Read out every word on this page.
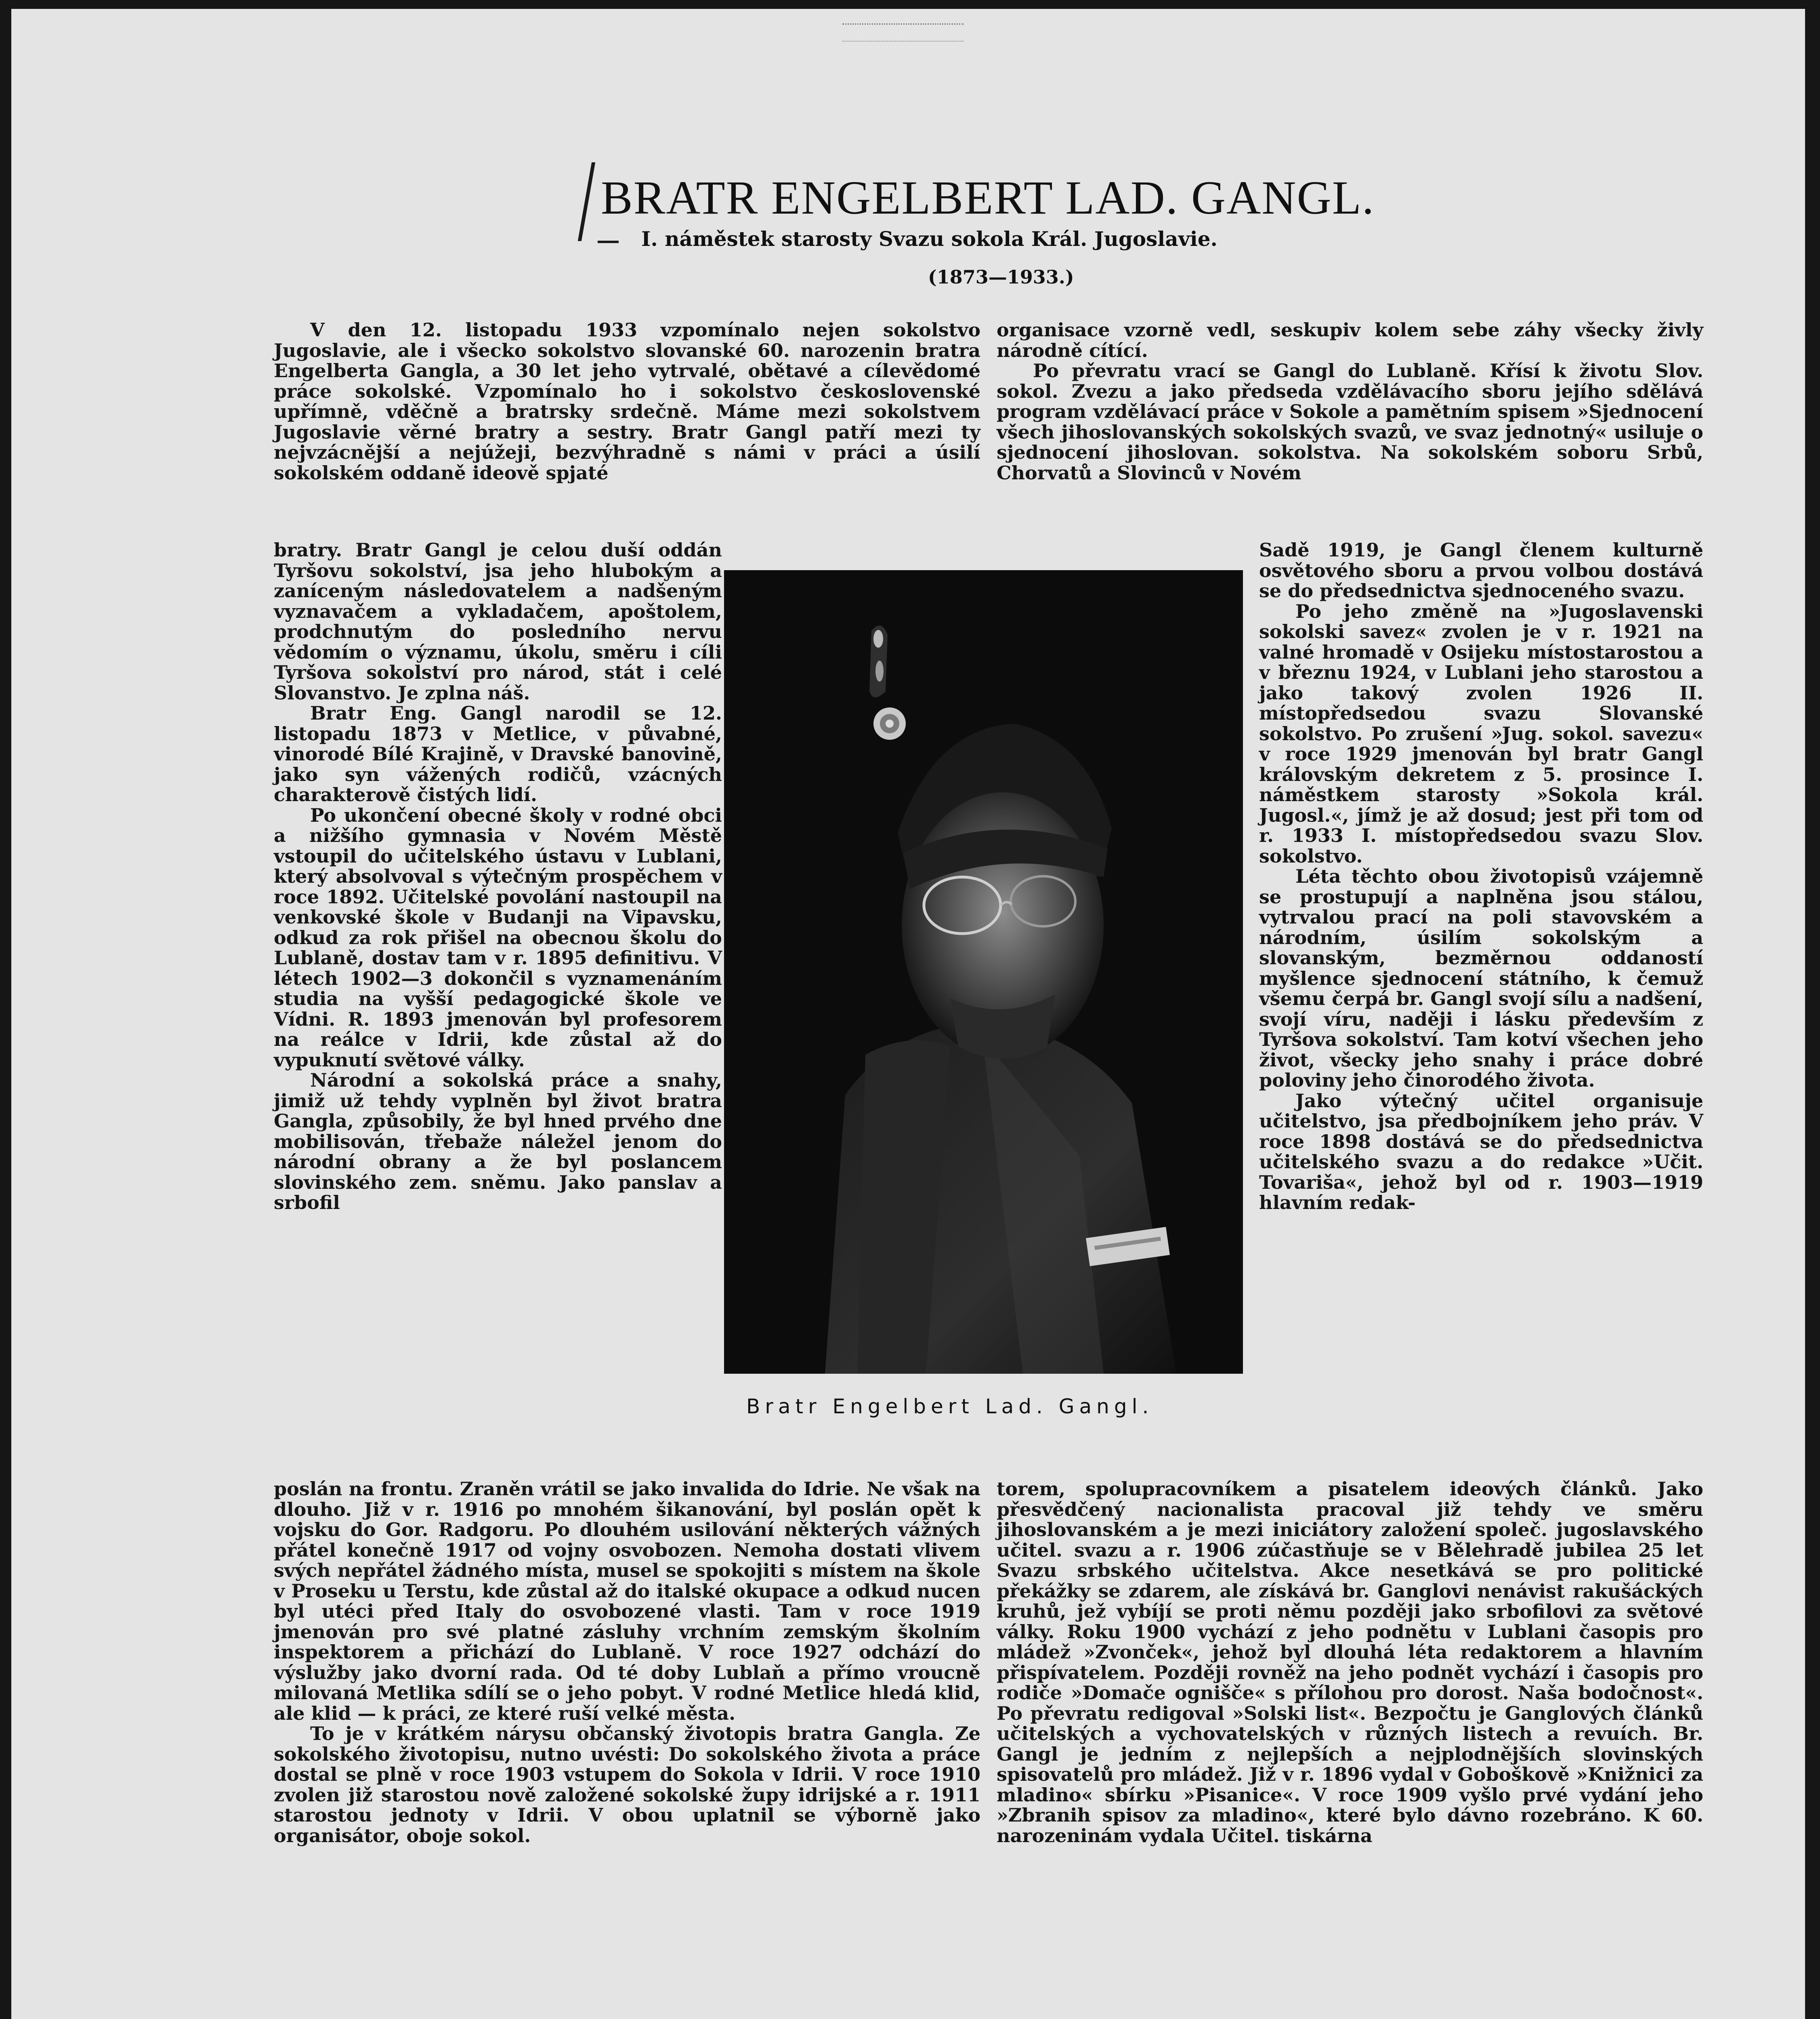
BRATR ENGELBERT LAD. GANGL.
I. náměstek starosty Svazu sokola Král. Jugoslavie.
(1873—1933.)

V den 12. listopadu 1933 vzpomínalo nejen sokolstvo Jugoslavie, ale i všecko sokolstvo slovanské 60. narozenin bratra Engelberta Gangla, a 30 let jeho vytrvalé, obětavé a cílevědomé práce sokolské. Vzpomínalo ho i sokolstvo československé upřímně, vděčně a bratrsky srdečně. Máme mezi sokolstvem Jugoslavie věrné bratry a sestry. Bratr Gangl patří mezi ty nejvzácnější a nejúžeji, bezvýhradně s námi v práci a úsilí sokolském oddaně ideově spjaté

organisace vzorně vedl, seskupiv kolem sebe záhy všecky živly národně cítící.

Po převratu vrací se Gangl do Lublaně. Křísí k životu Slov. sokol. Zvezu a jako předseda vzdělávacího sboru jejího sdělává program vzdělávací práce v Sokole a pamětním spisem »Sjednocení všech jihoslovanských sokolských svazů, ve svaz jednotný« usiluje o sjednocení jihoslovan. sokolstva. Na sokolském soboru Srbů, Chorvatů a Slovinců v Novém

bratry. Bratr Gangl je celou duší oddán Tyršovu sokolství, jsa jeho hlubokým a zaníceným následovatelem a nadšeným vyznavačem a vykladačem, apoštolem, prodchnutým do posledního nervu vědomím o významu, úkolu, směru i cíli Tyršova sokolství pro národ, stát i celé Slovanstvo. Je zplna náš.

Bratr Eng. Gangl narodil se 12. listopadu 1873 v Metlice, v půvabné, vinorodé Bílé Krajině, v Dravské banovině, jako syn vážených rodičů, vzácných charakterově čistých lidí.

Po ukončení obecné školy v rodné obci a nižšího gymnasia v Novém Městě vstoupil do učitelského ústavu v Lublani, který absolvoval s výtečným prospěchem v roce 1892. Učitelské povolání nastoupil na venkovské škole v Budanji na Vipavsku, odkud za rok přišel na obecnou školu do Lublaně, dostav tam v r. 1895 definitivu. V létech 1902—3 dokončil s vyznamenáním studia na vyšší pedagogické škole ve Vídni. R. 1893 jmenován byl profesorem na reálce v Idrii, kde zůstal až do vypuknutí světové války.

Národní a sokolská práce a snahy, jimiž už tehdy vyplněn byl život bratra Gangla, způsobily, že byl hned prvého dne mobilisován, třebaže náležel jenom do národní obrany a že byl poslancem slovinského zem. sněmu. Jako panslav a srbofil

Bratr Engelbert Lad. Gangl.

Sadě 1919, je Gangl členem kulturně osvětového sboru a prvou volbou dostává se do předsednictva sjednoceného svazu.

Po jeho změně na »Jugoslavenski sokolski savez« zvolen je v r. 1921 na valné hromadě v Osijeku místostarostou a v březnu 1924, v Lublani jeho starostou a jako takový zvolen 1926 II. místopředsedou svazu Slovanské sokolstvo. Po zrušení »Jug. sokol. savezu« v roce 1929 jmenován byl bratr Gangl královským dekretem z 5. prosince I. náměstkem starosty »Sokola král. Jugosl.«, jímž je až dosud; jest při tom od r. 1933 I. místopředsedou svazu Slov. sokolstvo.

Léta těchto obou životopisů vzájemně se prostupují a naplněna jsou stálou, vytrvalou prací na poli stavovském a národním, úsilím sokolským a slovanským, bezměrnou oddaností myšlence sjednocení státního, k čemuž všemu čerpá br. Gangl svojí sílu a nadšení, svojí víru, naději i lásku především z Tyršova sokolství. Tam kotví všechen jeho život, všecky jeho snahy i práce dobré poloviny jeho činorodého života.

Jako výtečný učitel organisuje učitelstvo, jsa předbojníkem jeho práv. V roce 1898 dostává se do předsednictva učitelského svazu a do redakce »Učit. Tovariša«, jehož byl od r. 1903—1919 hlavním redak-

poslán na frontu. Zraněn vrátil se jako invalida do Idrie. Ne však na dlouho. Již v r. 1916 po mnohém šikanování, byl poslán opět k vojsku do Gor. Radgoru. Po dlouhém usilování některých vážných přátel konečně 1917 od vojny osvobozen. Nemoha dostati vlivem svých nepřátel žádného místa, musel se spokojiti s místem na škole v Proseku u Terstu, kde zůstal až do italské okupace a odkud nucen byl utéci před Italy do osvobozené vlasti. Tam v roce 1919 jmenován pro své platné zásluhy vrchním zemským školním inspektorem a přichází do Lublaně. V roce 1927 odchází do výslužby jako dvorní rada. Od té doby Lublaň a přímo vroucně milovaná Metlika sdílí se o jeho pobyt. V rodné Metlice hledá klid, ale klid — k práci, ze které ruší velké města.

To je v krátkém nárysu občanský životopis bratra Gangla. Ze sokolského životopisu, nutno uvésti: Do sokolského života a práce dostal se plně v roce 1903 vstupem do Sokola v Idrii. V roce 1910 zvolen již starostou nově založené sokolské župy idrijské a r. 1911 starostou jednoty v Idrii. V obou uplatnil se výborně jako organisátor, oboje sokol.

torem, spolupracovníkem a pisatelem ideových článků. Jako přesvědčený nacionalista pracoval již tehdy ve směru jihoslovanském a je mezi iniciátory založení společ. jugoslavského učitel. svazu a r. 1906 zúčastňuje se v Bělehradě jubilea 25 let Svazu srbského učitelstva. Akce nesetkává se pro politické překážky se zdarem, ale získává br. Ganglovi nenávist rakušáckých kruhů, jež vybíjí se proti němu později jako srbofilovi za světové války. Roku 1900 vychází z jeho podnětu v Lublani časopis pro mládež »Zvonček«, jehož byl dlouhá léta redaktorem a hlavním přispívatelem. Později rovněž na jeho podnět vychází i časopis pro rodiče »Domače ognišče« s přílohou pro dorost. Naša bodočnost«. Po převratu redigoval »Solski list«. Bezpočtu je Ganglových článků učitelských a vychovatelských v různých listech a revuích. Br. Gangl je jedním z nejlepších a nejplodnějších slovinských spisovatelů pro mládež. Již v r. 1896 vydal v Goboškově »Knižnici za mladino« sbírku »Pisanice«. V roce 1909 vyšlo prvé vydání jeho »Zbranih spisov za mladino«, které bylo dávno rozebráno. K 60. narozeninám vydala Učitel. tiskárna
